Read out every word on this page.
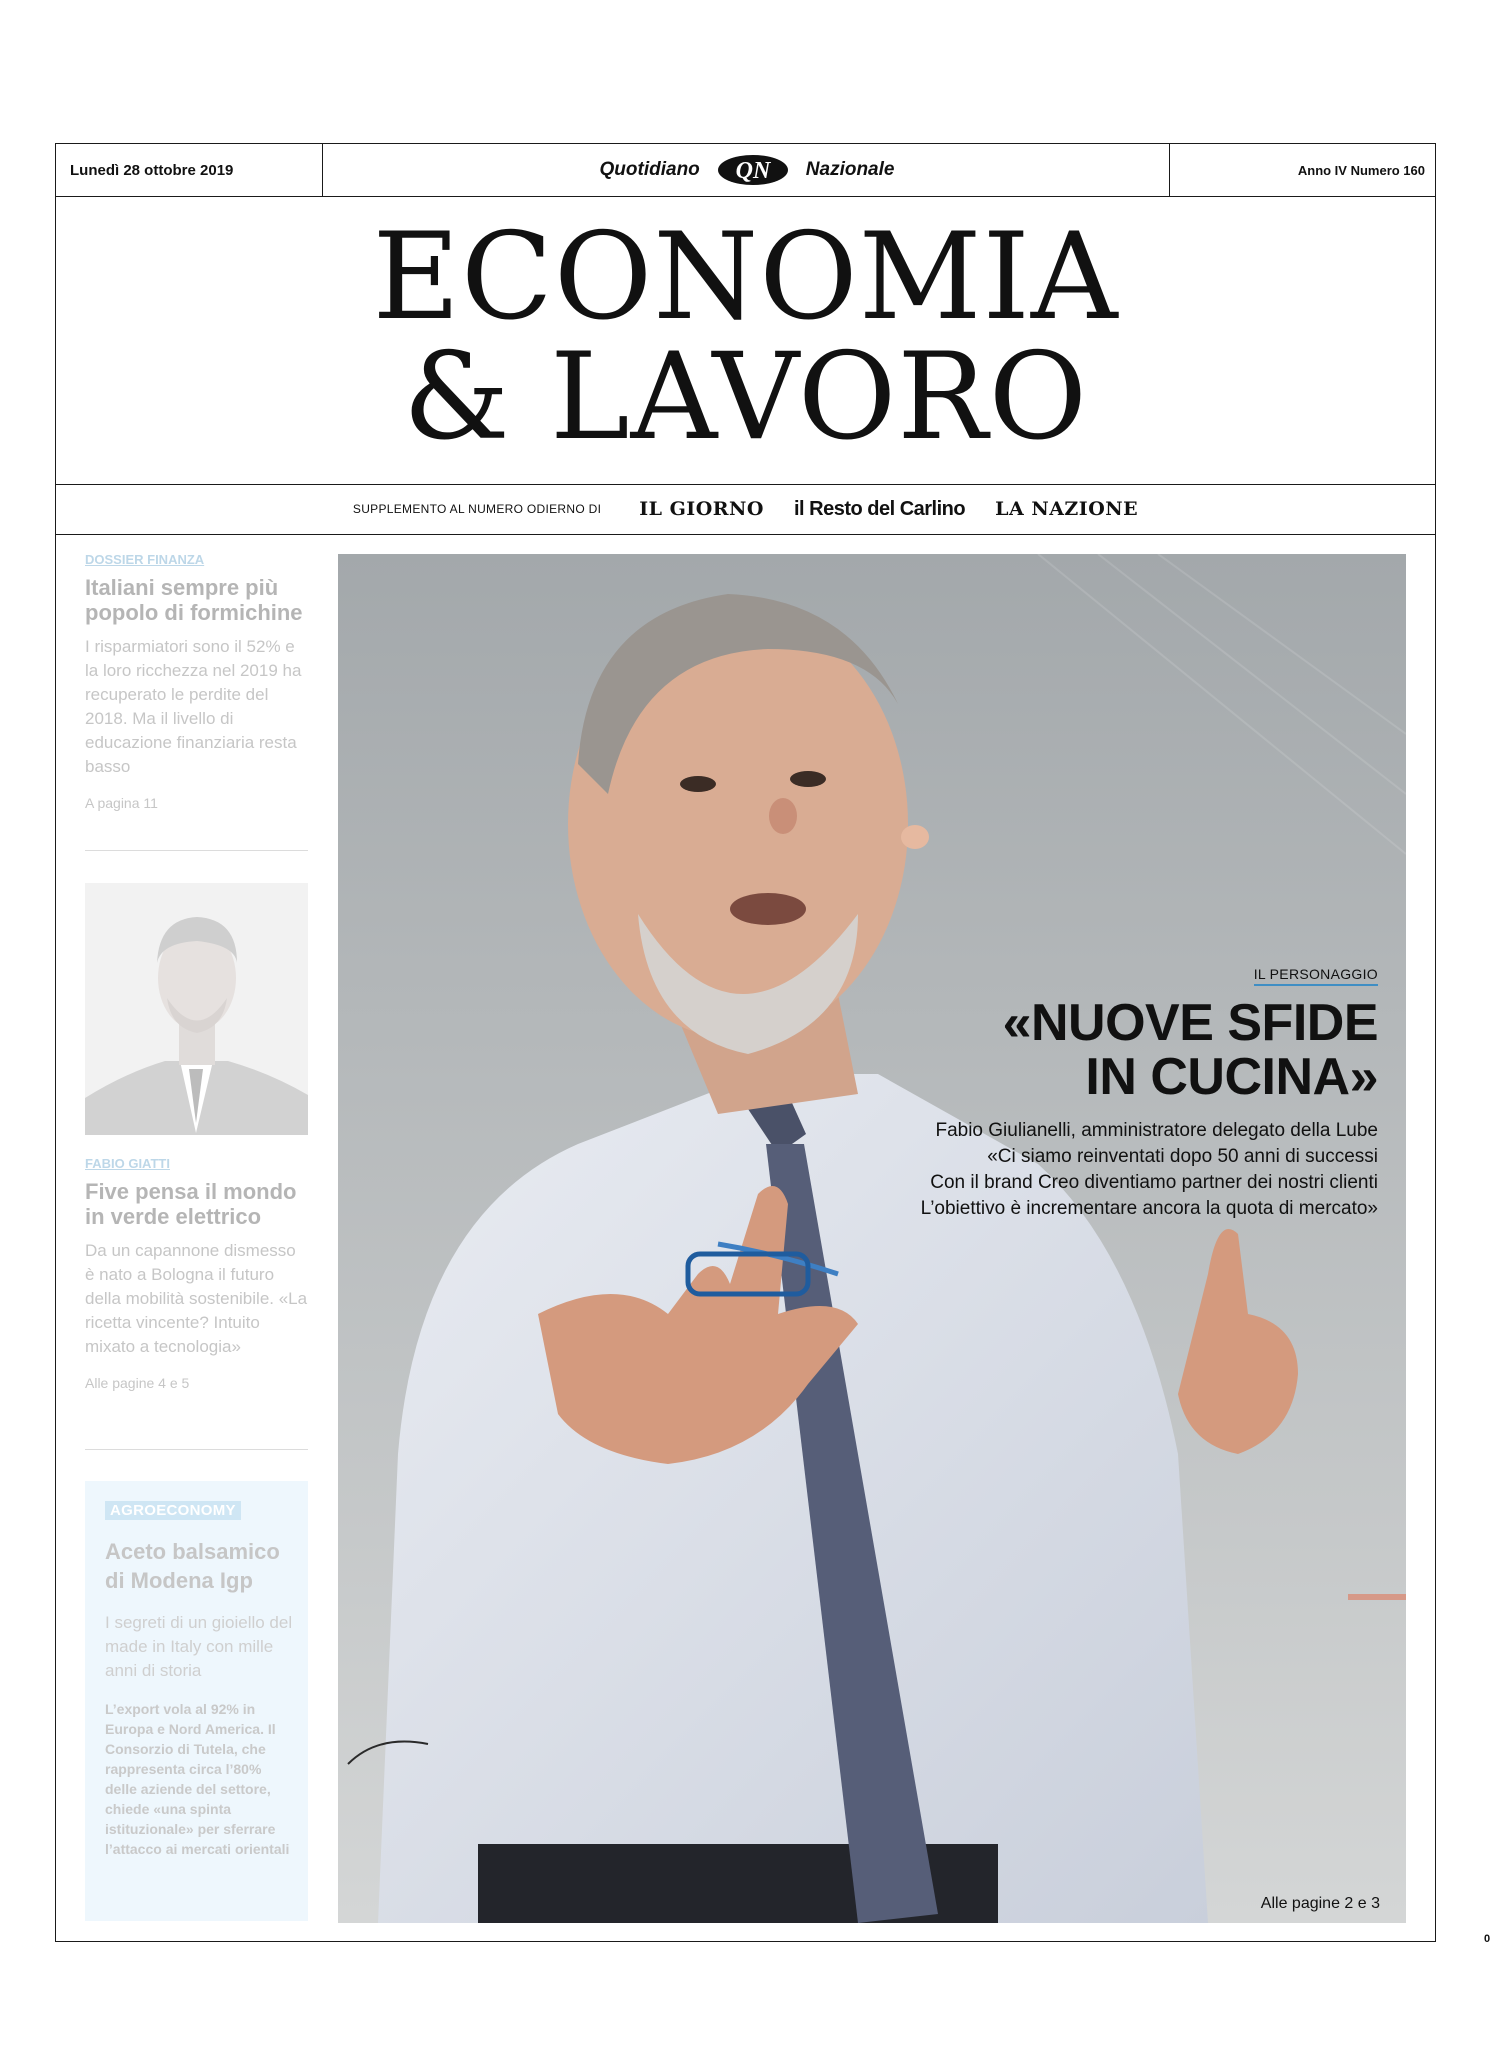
Lunedì 28 ottobre 2019	Quotidiano QN Nazionale	Anno IV Numero 160
ECONOMIA
& LAVORO
SUPPLEMENTO AL NUMERO ODIERNO DI IL GIORNO il Resto del Carlino LA NAZIONE
DOSSIER FINANZA
Italiani sempre più popolo di formichine
I risparmiatori sono il 52% e la loro ricchezza nel 2019 ha recuperato le perdite del 2018. Ma il livello di educazione finanziaria resta basso
A pagina 11
FABIO GIATTI
Five pensa il mondo in verde elettrico
Da un capannone dismesso è nato a Bologna il futuro della mobilità sostenibile. «La ricetta vincente? Intuito mixato a tecnologia»
Alle pagine 4 e 5
AGROECONOMY
Aceto balsamico di Modena Igp
I segreti di un gioiello del made in Italy con mille anni di storia
L’export vola al 92% in Europa e Nord America. Il Consorzio di Tutela, che rappresenta circa l’80% delle aziende del settore, chiede «una spinta istituzionale» per sferrare l’attacco ai mercati orientali
IL PERSONAGGIO
«NUOVE SFIDE
IN CUCINA»
Fabio Giulianelli, amministratore delegato della Lube
«Ci siamo reinventati dopo 50 anni di successi
Con il brand Creo diventiamo partner dei nostri clienti
L’obiettivo è incrementare ancora la quota di mercato»
Alle pagine 2 e 3
0
